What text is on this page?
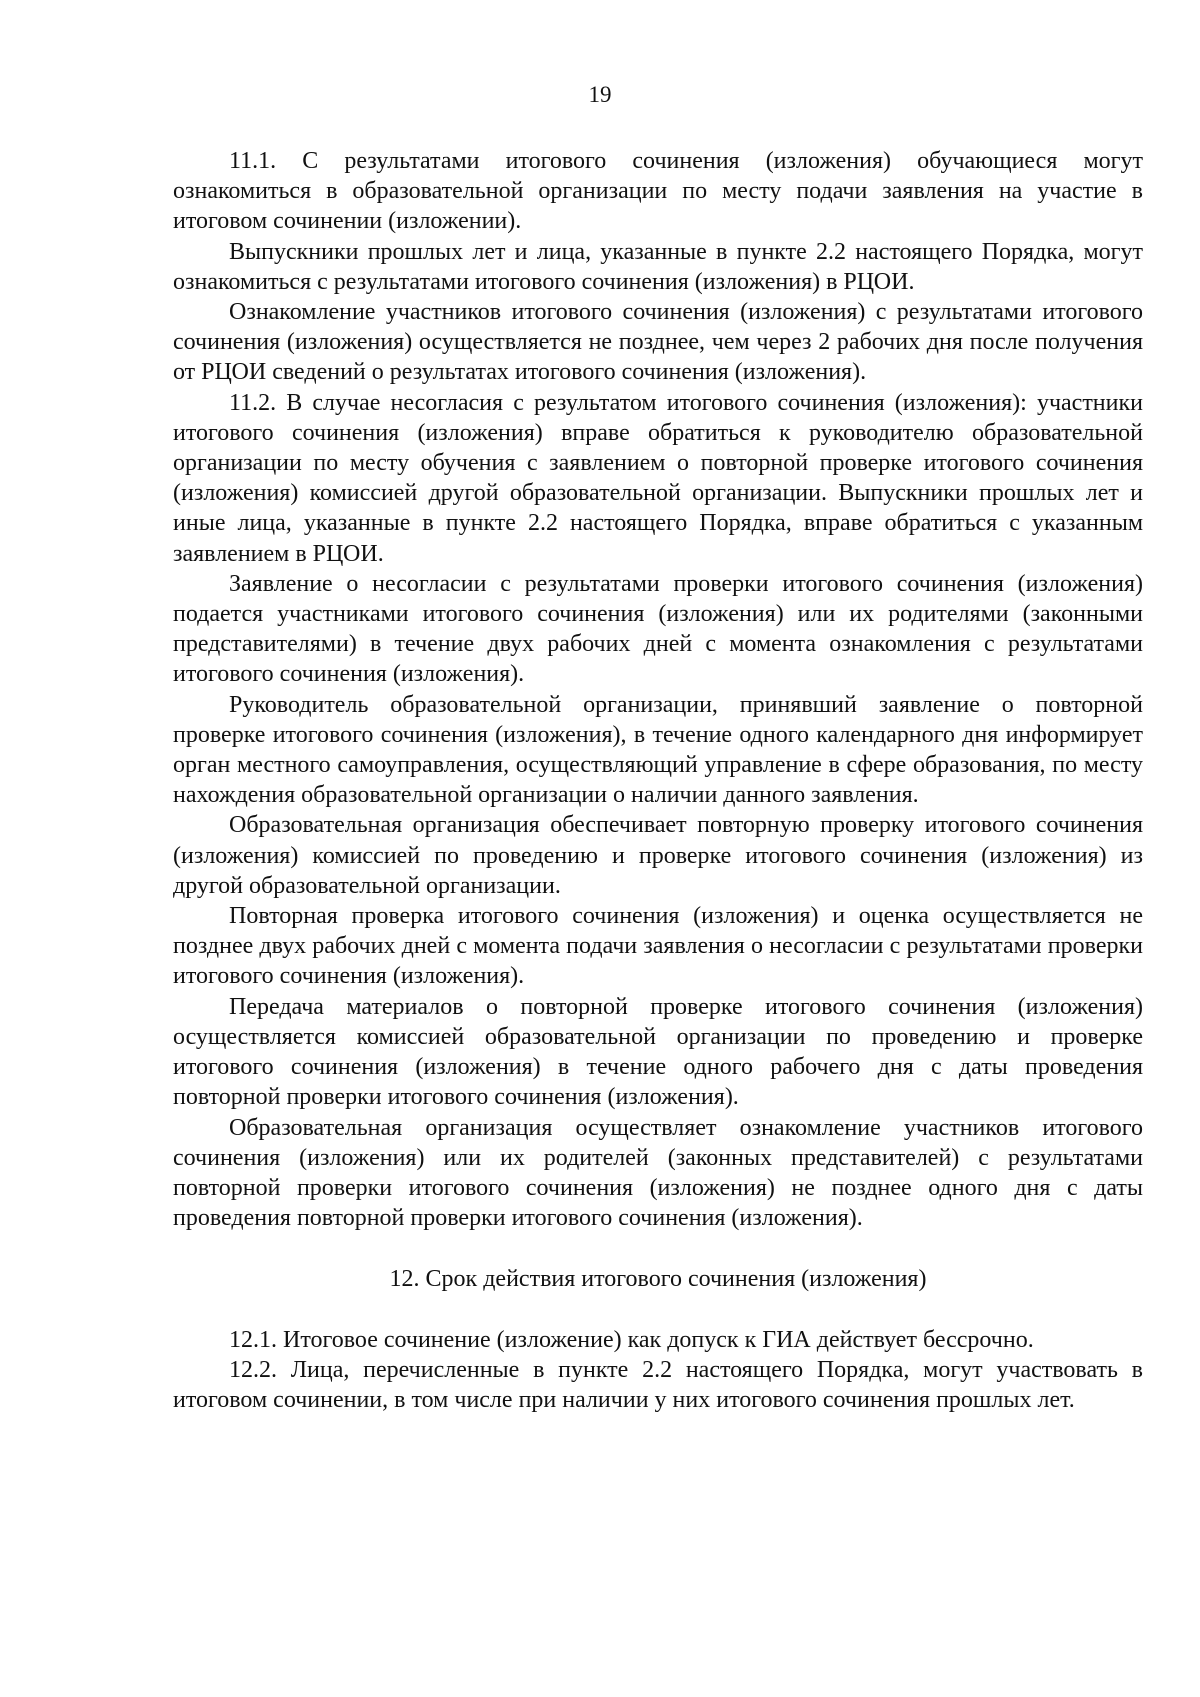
19

11.1. С результатами итогового сочинения (изложения) обучающиеся могут ознакомиться в образовательной организации по месту подачи заявления на участие в итоговом сочинении (изложении).

Выпускники прошлых лет и лица, указанные в пункте 2.2 настоящего Порядка, могут ознакомиться с результатами итогового сочинения (изложения) в РЦОИ.

Ознакомление участников итогового сочинения (изложения) с результатами итогового сочинения (изложения) осуществляется не позднее, чем через 2 рабочих дня после получения от РЦОИ сведений о результатах итогового сочинения (изложения).

11.2. В случае несогласия с результатом итогового сочинения (изложения): участники итогового сочинения (изложения) вправе обратиться к руководителю образовательной организации по месту обучения с заявлением о повторной проверке итогового сочинения (изложения) комиссией другой образовательной организации. Выпускники прошлых лет и иные лица, указанные в пункте 2.2 настоящего Порядка, вправе обратиться с указанным заявлением в РЦОИ.

Заявление о несогласии с результатами проверки итогового сочинения (изложения) подается участниками итогового сочинения (изложения) или их родителями (законными представителями) в течение двух рабочих дней с момента ознакомления с результатами итогового сочинения (изложения).

Руководитель образовательной организации, принявший заявление о повторной проверке итогового сочинения (изложения), в течение одного календарного дня информирует орган местного самоуправления, осуществляющий управление в сфере образования, по месту нахождения образовательной организации о наличии данного заявления.

Образовательная организация обеспечивает повторную проверку итогового сочинения (изложения) комиссией по проведению и проверке итогового сочинения (изложения) из другой образовательной организации.

Повторная проверка итогового сочинения (изложения) и оценка осуществляется не позднее двух рабочих дней с момента подачи заявления о несогласии с результатами проверки итогового сочинения (изложения).

Передача материалов о повторной проверке итогового сочинения (изложения) осуществляется комиссией образовательной организации по проведению и проверке итогового сочинения (изложения) в течение одного рабочего дня с даты проведения повторной проверки итогового сочинения (изложения).

Образовательная организация осуществляет ознакомление участников итогового сочинения (изложения) или их родителей (законных представителей) с результатами повторной проверки итогового сочинения (изложения) не позднее одного дня с даты проведения повторной проверки итогового сочинения (изложения).

12. Срок действия итогового сочинения (изложения)

12.1. Итоговое сочинение (изложение) как допуск к ГИА действует бессрочно.

12.2. Лица, перечисленные в пункте 2.2 настоящего Порядка, могут участвовать в итоговом сочинении, в том числе при наличии у них итогового сочинения прошлых лет.
